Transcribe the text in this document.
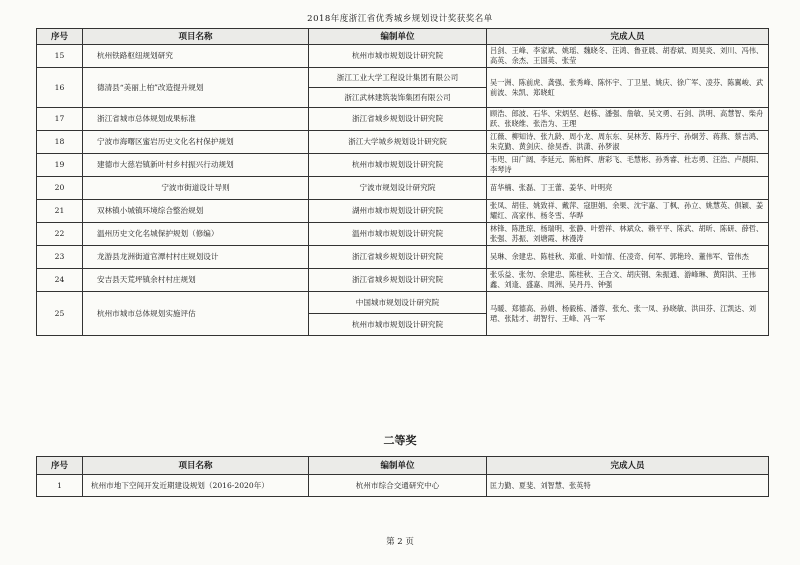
2018年度浙江省优秀城乡规划设计奖获奖名单
序号	项目名称	编制单位	完成人员
15	杭州铁路枢纽规划研究	杭州市城市规划设计研究院	吕剑、王峰、李家斌、姚瑶、魏晓冬、汪鸿、鲁亚晨、胡春斌、周昊炎、刘川、冯伟、高英、余杰、王国英、张莹
16	德清县“美丽上柏”改造提升规划	浙江工业大学工程设计集团有限公司	吴一洲、陈前虎、龚强、张秀峰、陈怀宇、丁卫星、姚庆、徐广军、凌芬、陈翼峻、武前波、朱凯、郑晓虹
		浙江武林建筑装饰集团有限公司	
17	浙江省城市总体规划成果标准	浙江省城乡规划设计研究院	顾浩、郎波、石华、宋炳坚、赵栋、潘强、詹敏、吴文勇、石剑、洪明、高慧智、柴舟跃、张晓维、张浩为、王理
18	宁波市海曙区蜜岩历史文化名村保护规划	浙江大学城乡规划设计研究院	江薇、柳知诗、张九龄、周小龙、周东东、吴林芳、陈丹宇、孙炯芳、蒋燕、蔡吉鸿、朱克勤、黄剑庆、徐昊香、洪潇、孙梦淑
19	建德市大慈岩镇新叶村乡村振兴行动规划	杭州市城市规划设计研究院	韦咫、田广阔、李延元、陈柏辉、唐彩飞、毛慧彬、孙秀睿、杜志勇、汪浩、卢晨阳、李琴诗
20	宁波市街道设计导则	宁波市规划设计研究院	苗华楠、张磊、丁王蕾、姜华、叶明亮
21	双林镇小城镇环境综合整治规划	湖州市城市规划设计研究院	张凤、胡佳、姚致祥、戴萍、寇胆娟、余果、沈宇嘉、丁枫、孙立、姚慧英、俱颖、姜耀红、高家伟、杨冬雪、华晔
22	温州历史文化名城保护规划（修编）	温州市城市规划设计研究院	林锋、陈胜琼、杨瑞明、张静、叶碧祥、林斌众、赖平平、陈武、胡昕、陈研、薛哲、张强、苏振、刘塘霞、林漫涛
23	龙游县龙洲街道官潭村村庄规划设计	浙江省城乡规划设计研究院	吴琳、余建忠、陈桂秋、郑重、叶如情、任凌奇、何军、郭艳玲、董伟军、管伟杰
24	安吉县天荒坪镇余村村庄规划	浙江省城乡规划设计研究院	张乐益、张勿、余建忠、陈桂秋、王合文、胡庆钢、朱振通、游峰琳、黄阳洪、王伟鑫、刘逢、盛嘉、周洲、吴丹丹、钟强
25	杭州市城市总体规划实施评估	中国城市规划设计研究院	马暖、郑德高、孙娟、杨毅栋、潘蓉、张允、张一凤、孙晓敏、洪田芬、江凯达、刘珺、张陆才、胡智行、王峰、冯一军
		杭州市城市规划设计研究院	
二等奖
序号	项目名称	编制单位	完成人员
1	杭州市地下空间开发近期建设规划（2016-2020年）	杭州市综合交通研究中心	匡力勤、夏斐、刘智慧、张英特
第 2 页
